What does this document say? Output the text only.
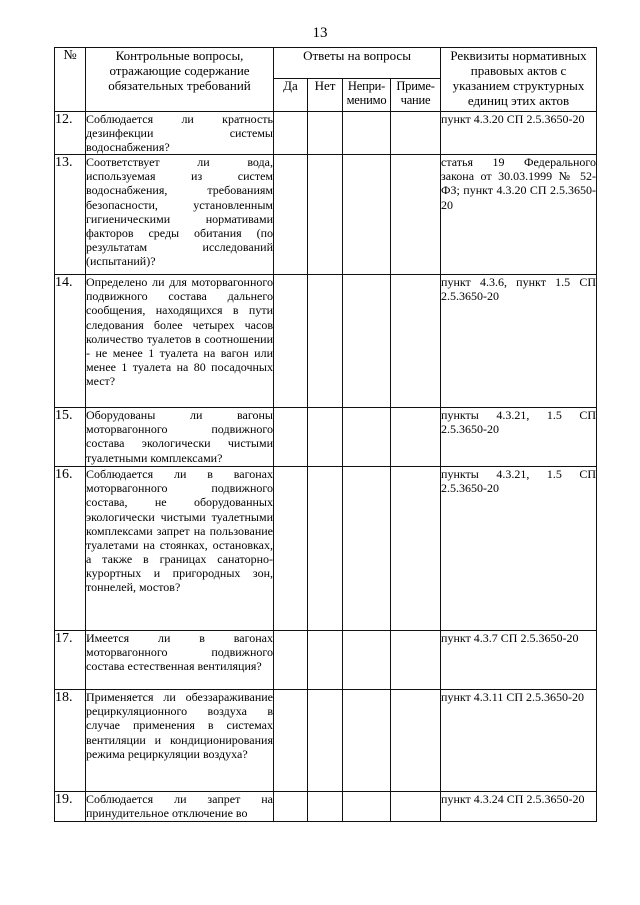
13
№	Контрольные вопросы, отражающие содержание обязательных требований	Ответы на вопросы				Реквизиты нормативных правовых актов с указанием структурных единиц этих актов
		Да	Нет	Непри-менимо	Приме-чание	
12.	Соблюдается ли кратность дезинфекции системы водоснабжения?					пункт 4.3.20 СП 2.5.3650-20
13.	Соответствует ли вода, используемая из систем водоснабжения, требованиям безопасности, установленным гигиеническими нормативами факторов среды обитания (по результатам исследований (испытаний)?					статья 19 Федерального закона от 30.03.1999 № 52-ФЗ; пункт 4.3.20 СП 2.5.3650-20
14.	Определено ли для моторвагонного подвижного состава дальнего сообщения, находящихся в пути следования более четырех часов количество туалетов в соотношении - не менее 1 туалета на вагон или менее 1 туалета на 80 посадочных мест?					пункт 4.3.6, пункт 1.5 СП 2.5.3650-20
15.	Оборудованы ли вагоны моторвагонного подвижного состава экологически чистыми туалетными комплексами?					пункты 4.3.21, 1.5 СП 2.5.3650-20
16.	Соблюдается ли в вагонах моторвагонного подвижного состава, не оборудованных экологически чистыми туалетными комплексами запрет на пользование туалетами на стоянках, остановках, а также в границах санаторно-курортных и пригородных зон, тоннелей, мостов?					пункты 4.3.21, 1.5 СП 2.5.3650-20
17.	Имеется ли в вагонах моторвагонного подвижного состава естественная вентиляция?					пункт 4.3.7 СП 2.5.3650-20
18.	Применяется ли обеззараживание рециркуляционного воздуха в случае применения в системах вентиляции и кондиционирования режима рециркуляции воздуха?					пункт 4.3.11 СП 2.5.3650-20
19.	Соблюдается ли запрет на принудительное отключение во					пункт 4.3.24 СП 2.5.3650-20
